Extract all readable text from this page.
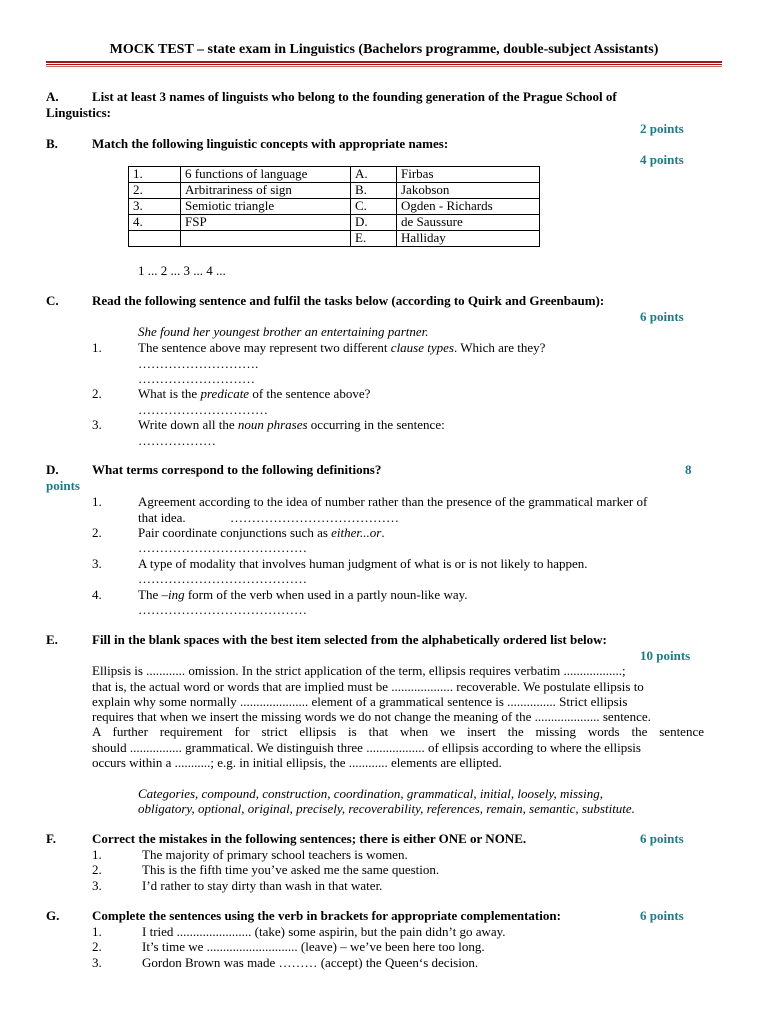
MOCK TEST – state exam in Linguistics (Bachelors programme, double-subject Assistants)
A.	List at least 3 names of linguists who belong to the founding generation of the Prague School of
Linguistics:
2 points
B.	Match the following linguistic concepts with appropriate names:
4 points
1.	6 functions of language	A.	Firbas
2.	Arbitrariness of sign	B.	Jakobson
3.	Semiotic triangle	C.	Ogden - Richards
4.	FSP	D.	de Saussure
		E.	Halliday
1 ... 2 ... 3 ... 4 ...
C.	Read the following sentence and fulfil the tasks below (according to Quirk and Greenbaum):
6 points
She found her youngest brother an entertaining partner.
1.	The sentence above may represent two different clause types. Which are they?
……………………….
………………………
2.	What is the predicate of the sentence above?
…………………………
3.	Write down all the noun phrases occurring in the sentence:
………………
D.	What terms correspond to the following definitions?	8
points
1.	Agreement according to the idea of number rather than the presence of the grammatical marker of
that idea.	…………………………………
2.	Pair coordinate conjunctions such as either...or.
…………………………………
3.	A type of modality that involves human judgment of what is or is not likely to happen.
…………………………………
4.	The –ing form of the verb when used in a partly noun-like way.
…………………………………
E.	Fill in the blank spaces with the best item selected from the alphabetically ordered list below:
10 points
Ellipsis is ............ omission. In the strict application of the term, ellipsis requires verbatim ..................;
that is, the actual word or words that are implied must be ................... recoverable. We postulate ellipsis to
explain why some normally ..................... element of a grammatical sentence is ............... Strict ellipsis
requires that when we insert the missing words we do not change the meaning of the .................... sentence.
A further requirement for strict ellipsis is that when we insert the missing words the sentence
should ................ grammatical. We distinguish three .................. of ellipsis according to where the ellipsis
occurs within a ...........; e.g. in initial ellipsis, the ............ elements are ellipted.
Categories, compound, construction, coordination, grammatical, initial, loosely, missing,
obligatory, optional, original, precisely, recoverability, references, remain, semantic, substitute.
F.	Correct the mistakes in the following sentences; there is either ONE or NONE.	6 points
1.	The majority of primary school teachers is women.
2.	This is the fifth time you’ve asked me the same question.
3.	I’d rather to stay dirty than wash in that water.
G.	Complete the sentences using the verb in brackets for appropriate complementation:	6 points
1.	I tried ....................... (take) some aspirin, but the pain didn’t go away.
2.	It’s time we ............................ (leave) – we’ve been here too long.
3.	Gordon Brown was made ……… (accept) the Queen‘s decision.
